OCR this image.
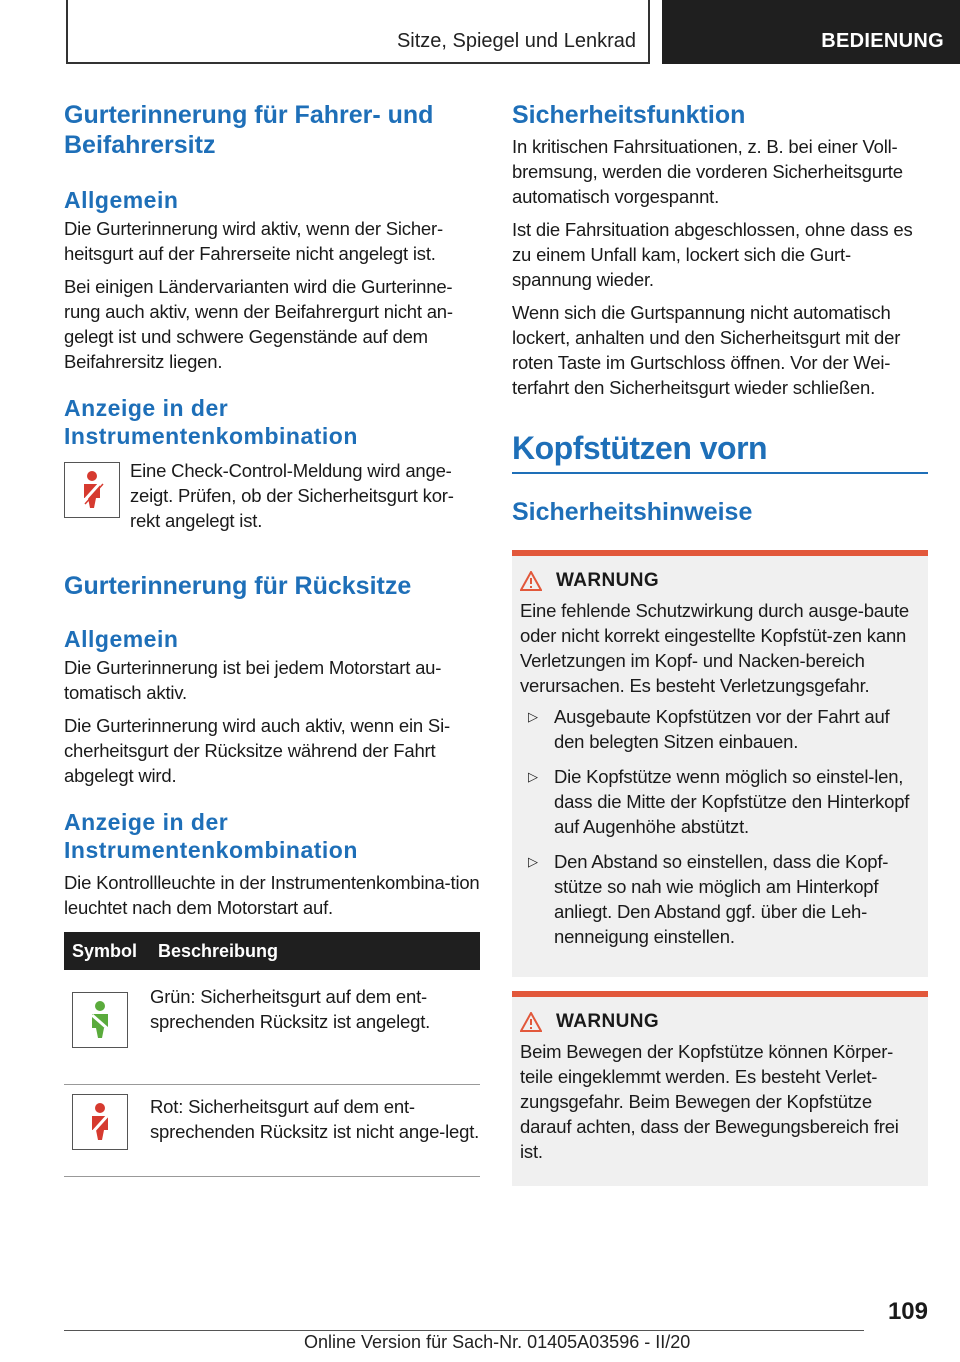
Sitze, Spiegel und Lenkrad	BEDIENUNG
Gurterinnerung für Fahrer- und Beifahrersitz
Allgemein

Die Gurterinnerung wird aktiv, wenn der Sicher-heitsgurt auf der Fahrerseite nicht angelegt ist.

Bei einigen Ländervarianten wird die Gurterinne-rung auch aktiv, wenn der Beifahrergurt nicht an-gelegt ist und schwere Gegenstände auf dem Beifahrersitz liegen.

Anzeige in der Instrumentenkombination

Eine Check-Control-Meldung wird ange-zeigt. Prüfen, ob der Sicherheitsgurt kor-rekt angelegt ist.

Gurterinnerung für Rücksitze
Allgemein

Die Gurterinnerung ist bei jedem Motorstart au-tomatisch aktiv.

Die Gurterinnerung wird auch aktiv, wenn ein Si-cherheitsgurt der Rücksitze während der Fahrt abgelegt wird.

Anzeige in der Instrumentenkombination

Die Kontrollleuchte in der Instrumentenkombina-tion leuchtet nach dem Motorstart auf.

Symbol	Beschreibung

	Grün: Sicherheitsgurt auf dem ent-sprechenden Rücksitz ist angelegt.

	Rot: Sicherheitsgurt auf dem ent-sprechenden Rücksitz ist nicht ange-legt.
Sicherheitsfunktion

In kritischen Fahrsituationen, z. B. bei einer Voll-bremsung, werden die vorderen Sicherheitsgurte automatisch vorgespannt.

Ist die Fahrsituation abgeschlossen, ohne dass es zu einem Unfall kam, lockert sich die Gurt-spannung wieder.

Wenn sich die Gurtspannung nicht automatisch lockert, anhalten und den Sicherheitsgurt mit der roten Taste im Gurtschloss öffnen. Vor der Wei-terfahrt den Sicherheitsgurt wieder schließen.

Kopfstützen vorn
Sicherheitshinweise
WARNUNG

Eine fehlende Schutzwirkung durch ausge-baute oder nicht korrekt eingestellte Kopfstüt-zen kann Verletzungen im Kopf- und Nacken-bereich verursachen. Es besteht Verletzungsgefahr.

▷ Ausgebaute Kopfstützen vor der Fahrt auf den belegten Sitzen einbauen.
▷ Die Kopfstütze wenn möglich so einstel-len, dass die Mitte der Kopfstütze den Hinterkopf auf Augenhöhe abstützt.
▷ Den Abstand so einstellen, dass die Kopf-stütze so nah wie möglich am Hinterkopf anliegt. Den Abstand ggf. über die Leh-nenneigung einstellen.
WARNUNG

Beim Bewegen der Kopfstütze können Körper-teile eingeklemmt werden. Es besteht Verlet-zungsgefahr. Beim Bewegen der Kopfstütze darauf achten, dass der Bewegungsbereich frei ist.

109
Online Version für Sach-Nr. 01405A03596 - II/20
